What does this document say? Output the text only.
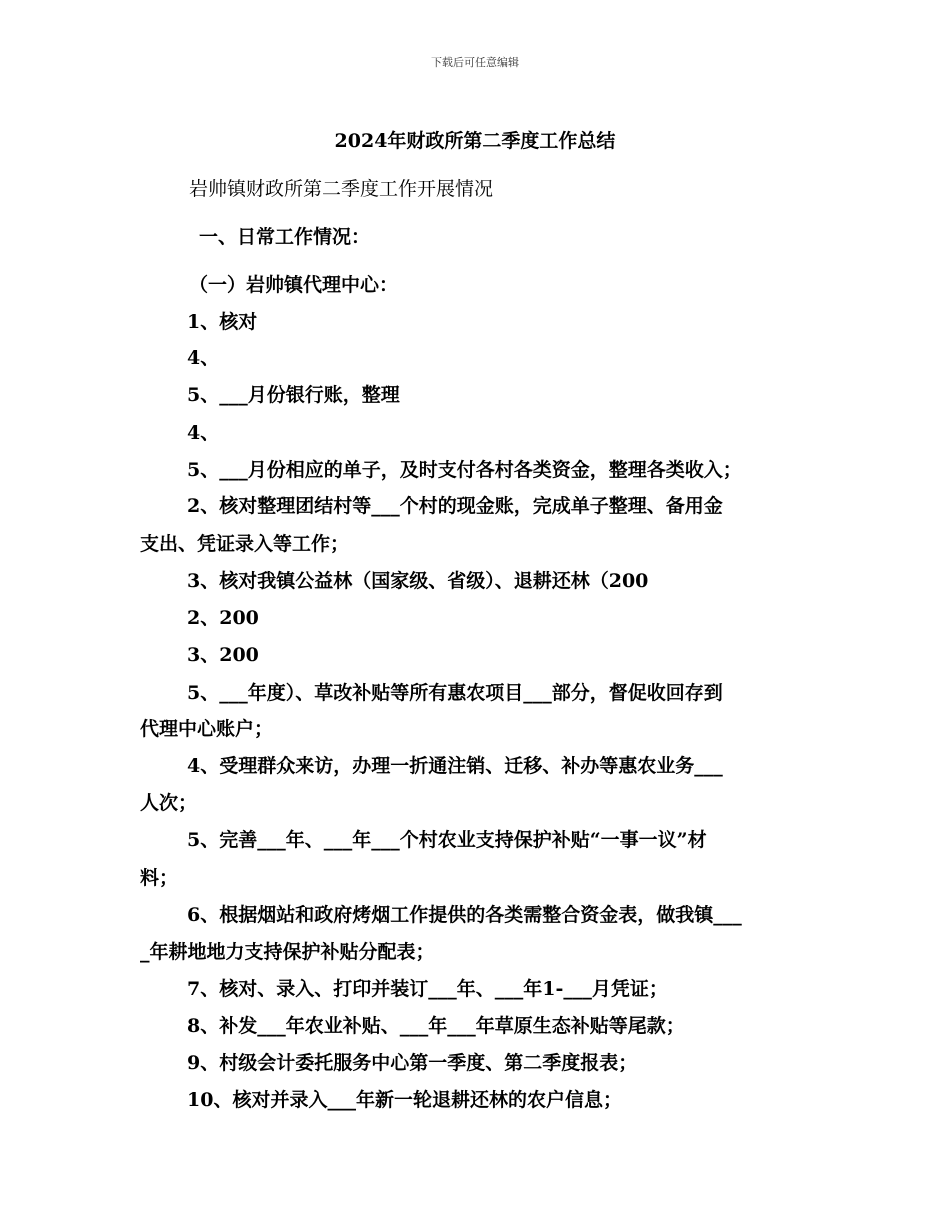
下载后可任意编辑
2024年财政所第二季度工作总结
岩帅镇财政所第二季度工作开展情况
一、日常工作情况：
（一）岩帅镇代理中心：
1、核对
4、
5、___月份银行账，整理
4、
5、___月份相应的单子，及时支付各村各类资金，整理各类收入；
2、核对整理团结村等___个村的现金账，完成单子整理、备用金
支出、凭证录入等工作；
3、核对我镇公益林（国家级、省级）、退耕还林（200
2、200
3、200
5、___年度）、草改补贴等所有惠农项目___部分，督促收回存到
代理中心账户；
4、受理群众来访，办理一折通注销、迁移、补办等惠农业务___
人次；
5、完善___年、___年___个村农业支持保护补贴“一事一议”材
料；
6、根据烟站和政府烤烟工作提供的各类需整合资金表，做我镇___
_年耕地地力支持保护补贴分配表；
7、核对、录入、打印并装订___年、___年1-___月凭证；
8、补发___年农业补贴、___年___年草原生态补贴等尾款；
9、村级会计委托服务中心第一季度、第二季度报表；
10、核对并录入___年新一轮退耕还林的农户信息；
